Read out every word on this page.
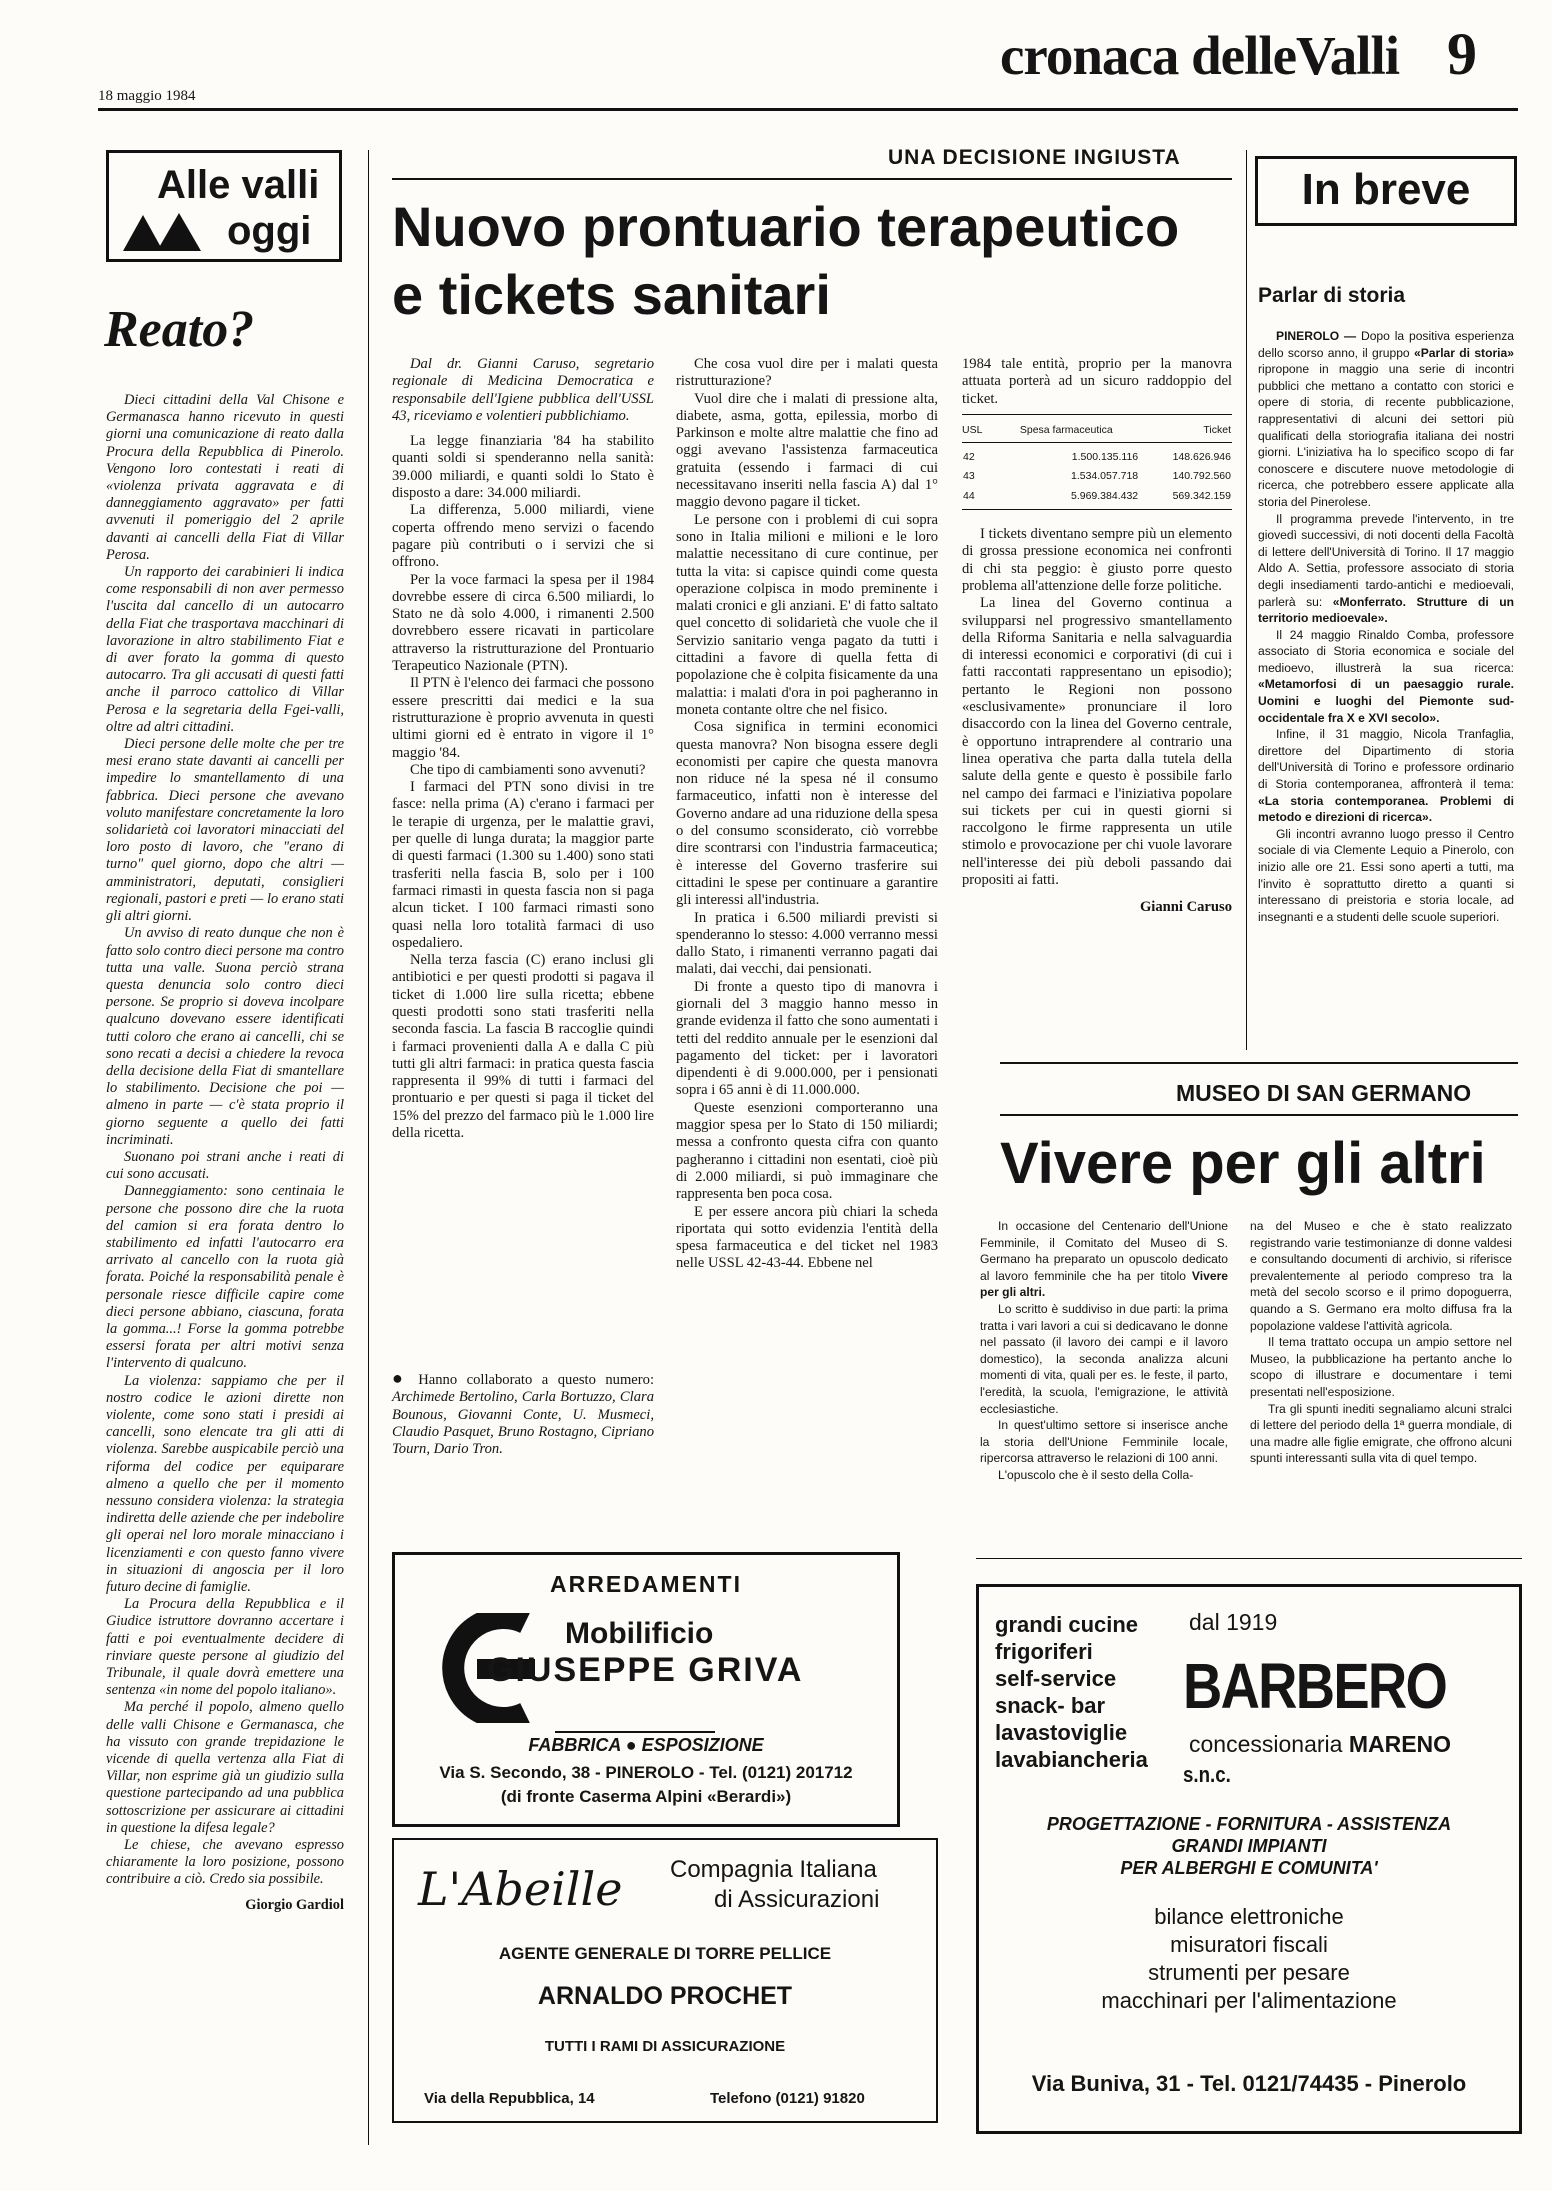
18 maggio 1984
cronaca delleValli 9
Alle valli
oggi
Reato?

Dieci cittadini della Val Chisone e Germanasca hanno ricevuto in questi giorni una comunicazione di reato dalla Procura della Repubblica di Pinerolo. Vengono loro contestati i reati di «violenza privata aggravata e di danneggiamento aggravato» per fatti avvenuti il pomeriggio del 2 aprile davanti ai cancelli della Fiat di Villar Perosa.

Un rapporto dei carabinieri li indica come responsabili di non aver permesso l'uscita dal cancello di un autocarro della Fiat che trasportava macchinari di lavorazione in altro stabilimento Fiat e di aver forato la gomma di questo autocarro. Tra gli accusati di questi fatti anche il parroco cattolico di Villar Perosa e la segretaria della Fgei-valli, oltre ad altri cittadini.

Dieci persone delle molte che per tre mesi erano state davanti ai cancelli per impedire lo smantellamento di una fabbrica. Dieci persone che avevano voluto manifestare concretamente la loro solidarietà coi lavoratori minacciati del loro posto di lavoro, che "erano di turno" quel giorno, dopo che altri — amministratori, deputati, consiglieri regionali, pastori e preti — lo erano stati gli altri giorni.

Un avviso di reato dunque che non è fatto solo contro dieci persone ma contro tutta una valle. Suona perciò strana questa denuncia solo contro dieci persone. Se proprio si doveva incolpare qualcuno dovevano essere identificati tutti coloro che erano ai cancelli, chi se sono recati a decisi a chiedere la revoca della decisione della Fiat di smantellare lo stabilimento. Decisione che poi — almeno in parte — c'è stata proprio il giorno seguente a quello dei fatti incriminati.

Suonano poi strani anche i reati di cui sono accusati.

Danneggiamento: sono centinaia le persone che possono dire che la ruota del camion si era forata dentro lo stabilimento ed infatti l'autocarro era arrivato al cancello con la ruota già forata. Poiché la responsabilità penale è personale riesce difficile capire come dieci persone abbiano, ciascuna, forata la gomma...! Forse la gomma potrebbe essersi forata per altri motivi senza l'intervento di qualcuno.

La violenza: sappiamo che per il nostro codice le azioni dirette non violente, come sono stati i presidi ai cancelli, sono elencate tra gli atti di violenza. Sarebbe auspicabile perciò una riforma del codice per equiparare almeno a quello che per il momento nessuno considera violenza: la strategia indiretta delle aziende che per indebolire gli operai nel loro morale minacciano i licenziamenti e con questo fanno vivere in situazioni di angoscia per il loro futuro decine di famiglie.

La Procura della Repubblica e il Giudice istruttore dovranno accertare i fatti e poi eventualmente decidere di rinviare queste persone al giudizio del Tribunale, il quale dovrà emettere una sentenza «in nome del popolo italiano».

Ma perché il popolo, almeno quello delle valli Chisone e Germanasca, che ha vissuto con grande trepidazione le vicende di quella vertenza alla Fiat di Villar, non esprime già un giudizio sulla questione partecipando ad una pubblica sottoscrizione per assicurare ai cittadini in questione la difesa legale?

Le chiese, che avevano espresso chiaramente la loro posizione, possono contribuire a ciò. Credo sia possibile.

Giorgio Gardiol

UNA DECISIONE INGIUSTA
Nuovo prontuario terapeutico
e tickets sanitari

Dal dr. Gianni Caruso, segretario regionale di Medicina Democratica e responsabile dell'Igiene pubblica dell'USSL 43, riceviamo e volentieri pubblichiamo.

La legge finanziaria '84 ha stabilito quanti soldi si spenderanno nella sanità: 39.000 miliardi, e quanti soldi lo Stato è disposto a dare: 34.000 miliardi.

La differenza, 5.000 miliardi, viene coperta offrendo meno servizi o facendo pagare più contributi o i servizi che si offrono.

Per la voce farmaci la spesa per il 1984 dovrebbe essere di circa 6.500 miliardi, lo Stato ne dà solo 4.000, i rimanenti 2.500 dovrebbero essere ricavati in particolare attraverso la ristrutturazione del Prontuario Terapeutico Nazionale (PTN).

Il PTN è l'elenco dei farmaci che possono essere prescritti dai medici e la sua ristrutturazione è proprio avvenuta in questi ultimi giorni ed è entrato in vigore il 1° maggio '84.

Che tipo di cambiamenti sono avvenuti?

I farmaci del PTN sono divisi in tre fasce: nella prima (A) c'erano i farmaci per le terapie di urgenza, per le malattie gravi, per quelle di lunga durata; la maggior parte di questi farmaci (1.300 su 1.400) sono stati trasferiti nella fascia B, solo per i 100 farmaci rimasti in questa fascia non si paga alcun ticket. I 100 farmaci rimasti sono quasi nella loro totalità farmaci di uso ospedaliero.

Nella terza fascia (C) erano inclusi gli antibiotici e per questi prodotti si pagava il ticket di 1.000 lire sulla ricetta; ebbene questi prodotti sono stati trasferiti nella seconda fascia. La fascia B raccoglie quindi i farmaci provenienti dalla A e dalla C più tutti gli altri farmaci: in pratica questa fascia rappresenta il 99% di tutti i farmaci del prontuario e per questi si paga il ticket del 15% del prezzo del farmaco più le 1.000 lire della ricetta.

● Hanno collaborato a questo numero: Archimede Bertolino, Carla Bortuzzo, Clara Bounous, Giovanni Conte, U. Musmeci, Claudio Pasquet, Bruno Rostagno, Cipriano Tourn, Dario Tron.

Che cosa vuol dire per i malati questa ristrutturazione?

Vuol dire che i malati di pressione alta, diabete, asma, gotta, epilessia, morbo di Parkinson e molte altre malattie che fino ad oggi avevano l'assistenza farmaceutica gratuita (essendo i farmaci di cui necessitavano inseriti nella fascia A) dal 1° maggio devono pagare il ticket.

Le persone con i problemi di cui sopra sono in Italia milioni e milioni e le loro malattie necessitano di cure continue, per tutta la vita: si capisce quindi come questa operazione colpisca in modo preminente i malati cronici e gli anziani. E' di fatto saltato quel concetto di solidarietà che vuole che il Servizio sanitario venga pagato da tutti i cittadini a favore di quella fetta di popolazione che è colpita fisicamente da una malattia: i malati d'ora in poi pagheranno in moneta contante oltre che nel fisico.

Cosa significa in termini economici questa manovra? Non bisogna essere degli economisti per capire che questa manovra non riduce né la spesa né il consumo farmaceutico, infatti non è interesse del Governo andare ad una riduzione della spesa o del consumo sconsiderato, ciò vorrebbe dire scontrarsi con l'industria farmaceutica; è interesse del Governo trasferire sui cittadini le spese per continuare a garantire gli interessi all'industria.

In pratica i 6.500 miliardi previsti si spenderanno lo stesso: 4.000 verranno messi dallo Stato, i rimanenti verranno pagati dai malati, dai vecchi, dai pensionati.

Di fronte a questo tipo di manovra i giornali del 3 maggio hanno messo in grande evidenza il fatto che sono aumentati i tetti del reddito annuale per le esenzioni dal pagamento del ticket: per i lavoratori dipendenti è di 9.000.000, per i pensionati sopra i 65 anni è di 11.000.000.

Queste esenzioni comporteranno una maggior spesa per lo Stato di 150 miliardi; messa a confronto questa cifra con quanto pagheranno i cittadini non esentati, cioè più di 2.000 miliardi, si può immaginare che rappresenta ben poca cosa.

E per essere ancora più chiari la scheda riportata qui sotto evidenzia l'entità della spesa farmaceutica e del ticket nel 1983 nelle USSL 42-43-44. Ebbene nel

1984 tale entità, proprio per la manovra attuata porterà ad un sicuro raddoppio del ticket.

USL	Spesa farmaceutica	Ticket
42	1.500.135.116	148.626.946
43	1.534.057.718	140.792.560
44	5.969.384.432	569.342.159

I tickets diventano sempre più un elemento di grossa pressione economica nei confronti di chi sta peggio: è giusto porre questo problema all'attenzione delle forze politiche.

La linea del Governo continua a svilupparsi nel progressivo smantellamento della Riforma Sanitaria e nella salvaguardia di interessi economici e corporativi (di cui i fatti raccontati rappresentano un episodio); pertanto le Regioni non possono «esclusivamente» pronunciare il loro disaccordo con la linea del Governo centrale, è opportuno intraprendere al contrario una linea operativa che parta dalla tutela della salute della gente e questo è possibile farlo nel campo dei farmaci e l'iniziativa popolare sui tickets per cui in questi giorni si raccolgono le firme rappresenta un utile stimolo e provocazione per chi vuole lavorare nell'interesse dei più deboli passando dai propositi ai fatti.

Gianni Caruso

In breve
Parlar di storia

PINEROLO — Dopo la positiva esperienza dello scorso anno, il gruppo «Parlar di storia» ripropone in maggio una serie di incontri pubblici che mettano a contatto con storici e opere di storia, di recente pubblicazione, rappresentativi di alcuni dei settori più qualificati della storiografia italiana dei nostri giorni. L'iniziativa ha lo specifico scopo di far conoscere e discutere nuove metodologie di ricerca, che potrebbero essere applicate alla storia del Pinerolese.

Il programma prevede l'intervento, in tre giovedì successivi, di noti docenti della Facoltà di lettere dell'Università di Torino. Il 17 maggio Aldo A. Settia, professore associato di storia degli insediamenti tardo-antichi e medioevali, parlerà su: «Monferrato. Strutture di un territorio medioevale».

Il 24 maggio Rinaldo Comba, professore associato di Storia economica e sociale del medioevo, illustrerà la sua ricerca: «Metamorfosi di un paesaggio rurale. Uomini e luoghi del Piemonte sud-occidentale fra X e XVI secolo».

Infine, il 31 maggio, Nicola Tranfaglia, direttore del Dipartimento di storia dell'Università di Torino e professore ordinario di Storia contemporanea, affronterà il tema: «La storia contemporanea. Problemi di metodo e direzioni di ricerca».

Gli incontri avranno luogo presso il Centro sociale di via Clemente Lequio a Pinerolo, con inizio alle ore 21. Essi sono aperti a tutti, ma l'invito è soprattutto diretto a quanti si interessano di preistoria e storia locale, ad insegnanti e a studenti delle scuole superiori.

MUSEO DI SAN GERMANO
Vivere per gli altri

In occasione del Centenario dell'Unione Femminile, il Comitato del Museo di S. Germano ha preparato un opuscolo dedicato al lavoro femminile che ha per titolo Vivere per gli altri.

Lo scritto è suddiviso in due parti: la prima tratta i vari lavori a cui si dedicavano le donne nel passato (il lavoro dei campi e il lavoro domestico), la seconda analizza alcuni momenti di vita, quali per es. le feste, il parto, l'eredità, la scuola, l'emigrazione, le attività ecclesiastiche.

In quest'ultimo settore si inserisce anche la storia dell'Unione Femminile locale, ripercorsa attraverso le relazioni di 100 anni.

L'opuscolo che è il sesto della Colla-

na del Museo e che è stato realizzato registrando varie testimonianze di donne valdesi e consultando documenti di archivio, si riferisce prevalentemente al periodo compreso tra la metà del secolo scorso e il primo dopoguerra, quando a S. Germano era molto diffusa fra la popolazione valdese l'attività agricola.

Il tema trattato occupa un ampio settore nel Museo, la pubblicazione ha pertanto anche lo scopo di illustrare e documentare i temi presentati nell'esposizione.

Tra gli spunti inediti segnaliamo alcuni stralci di lettere del periodo della 1ª guerra mondiale, di una madre alle figlie emigrate, che offrono alcuni spunti interessanti sulla vita di quel tempo.

ARREDAMENTI
Mobilificio
GIUSEPPE GRIVA
FABBRICA ● ESPOSIZIONE
Via S. Secondo, 38 - PINEROLO - Tel. (0121) 201712
(di fronte Caserma Alpini «Berardi»)
L'Abeille Compagnia Italiana
di Assicurazioni
AGENTE GENERALE DI TORRE PELLICE
ARNALDO PROCHET
TUTTI I RAMI DI ASSICURAZIONE
Via della Repubblica, 14	Telefono (0121) 91820
grandi cucine
frigoriferi
self-service
snack- bar
lavastoviglie
lavabiancheria
dal 1919
BARBERO s.n.c.
concessionaria MARENO
PROGETTAZIONE - FORNITURA - ASSISTENZA
GRANDI IMPIANTI
PER ALBERGHI E COMUNITA'
bilance elettroniche
misuratori fiscali
strumenti per pesare
macchinari per l'alimentazione
Via Buniva, 31 - Tel. 0121/74435 - Pinerolo
